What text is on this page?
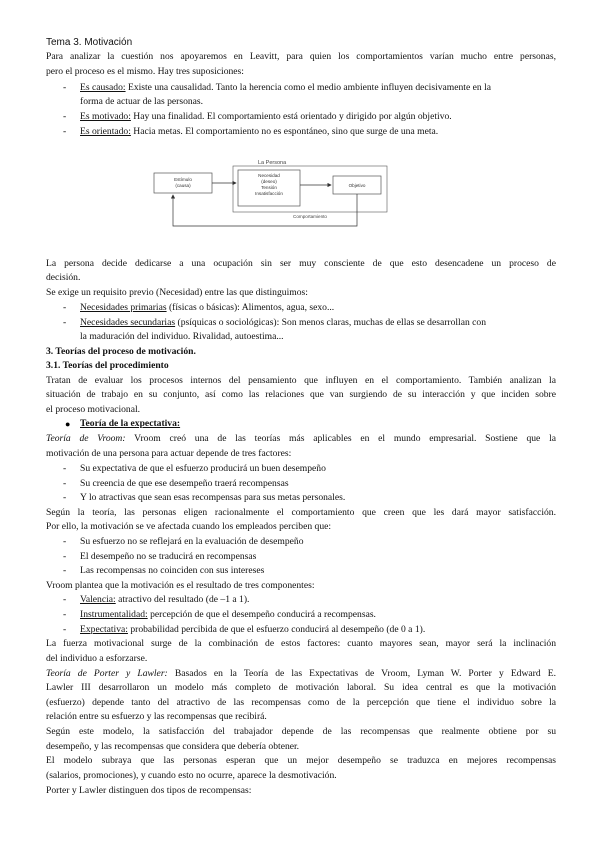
Tema 3. Motivación
Para analizar la cuestión nos apoyaremos en Leavitt, para quien los comportamientos varían mucho entre personas,
pero el proceso es el mismo. Hay tres suposiciones:
- Es causado: Existe una causalidad. Tanto la herencia como el medio ambiente influyen decisivamente en la
forma de actuar de las personas.
- Es motivado: Hay una finalidad. El comportamiento está orientado y dirigido por algún objetivo.
- Es orientado: Hacia metas. El comportamiento no es espontáneo, sino que surge de una meta.
La Persona
Estímulo
(causa)
Necesidad
(deseo)
Tensión
Insatisfacción
Objetivo
Comportamiento
La persona decide dedicarse a una ocupación sin ser muy consciente de que esto desencadene un proceso de
decisión.
Se exige un requisito previo (Necesidad) entre las que distinguimos:
- Necesidades primarias (físicas o básicas): Alimentos, agua, sexo...
- Necesidades secundarias (psíquicas o sociológicas): Son menos claras, muchas de ellas se desarrollan con
la maduración del individuo. Rivalidad, autoestima...
3. Teorías del proceso de motivación.
3.1. Teorías del procedimiento
Tratan de evaluar los procesos internos del pensamiento que influyen en el comportamiento. También analizan la
situación de trabajo en su conjunto, así como las relaciones que van surgiendo de su interacción y que inciden sobre
el proceso motivacional.
● Teoría de la expectativa:
Teoría de Vroom: Vroom creó una de las teorías más aplicables en el mundo empresarial. Sostiene que la
motivación de una persona para actuar depende de tres factores:
- Su expectativa de que el esfuerzo producirá un buen desempeño
- Su creencia de que ese desempeño traerá recompensas
- Y lo atractivas que sean esas recompensas para sus metas personales.
Según la teoría, las personas eligen racionalmente el comportamiento que creen que les dará mayor satisfacción.
Por ello, la motivación se ve afectada cuando los empleados perciben que:
- Su esfuerzo no se reflejará en la evaluación de desempeño
- El desempeño no se traducirá en recompensas
- Las recompensas no coinciden con sus intereses
Vroom plantea que la motivación es el resultado de tres componentes:
- Valencia: atractivo del resultado (de –1 a 1).
- Instrumentalidad: percepción de que el desempeño conducirá a recompensas.
- Expectativa: probabilidad percibida de que el esfuerzo conducirá al desempeño (de 0 a 1).
La fuerza motivacional surge de la combinación de estos factores: cuanto mayores sean, mayor será la inclinación
del individuo a esforzarse.
Teoría de Porter y Lawler: Basados en la Teoría de las Expectativas de Vroom, Lyman W. Porter y Edward E.
Lawler III desarrollaron un modelo más completo de motivación laboral. Su idea central es que la motivación
(esfuerzo) depende tanto del atractivo de las recompensas como de la percepción que tiene el individuo sobre la
relación entre su esfuerzo y las recompensas que recibirá.
Según este modelo, la satisfacción del trabajador depende de las recompensas que realmente obtiene por su
desempeño, y las recompensas que considera que debería obtener.
El modelo subraya que las personas esperan que un mejor desempeño se traduzca en mejores recompensas
(salarios, promociones), y cuando esto no ocurre, aparece la desmotivación.
Porter y Lawler distinguen dos tipos de recompensas:
